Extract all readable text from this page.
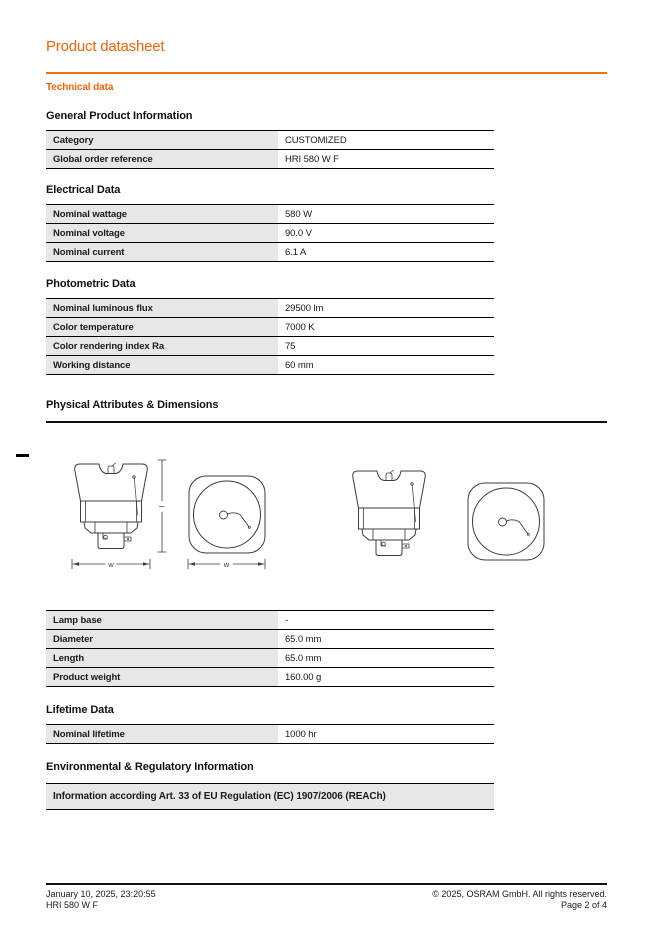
Product datasheet
Technical data
General Product Information
Category	CUSTOMIZED
Global order reference	HRI 580 W F
Electrical Data
Nominal wattage	580 W
Nominal voltage	90.0 V
Nominal current	6.1 A
Photometric Data
Nominal luminous flux	29500 lm
Color temperature	7000 K
Color rendering index Ra	75
Working distance	60 mm
Physical Attributes & Dimensions
l
w	w
Lamp base	-
Diameter	65.0 mm
Length	65.0 mm
Product weight	160.00 g
Lifetime Data
Nominal lifetime	1000 hr
Environmental & Regulatory Information
Information according Art. 33 of EU Regulation (EC) 1907/2006 (REACh)
January 10, 2025, 23:20:55
HRI 580 W F
© 2025, OSRAM GmbH. All rights reserved.
Page 2 of 4
